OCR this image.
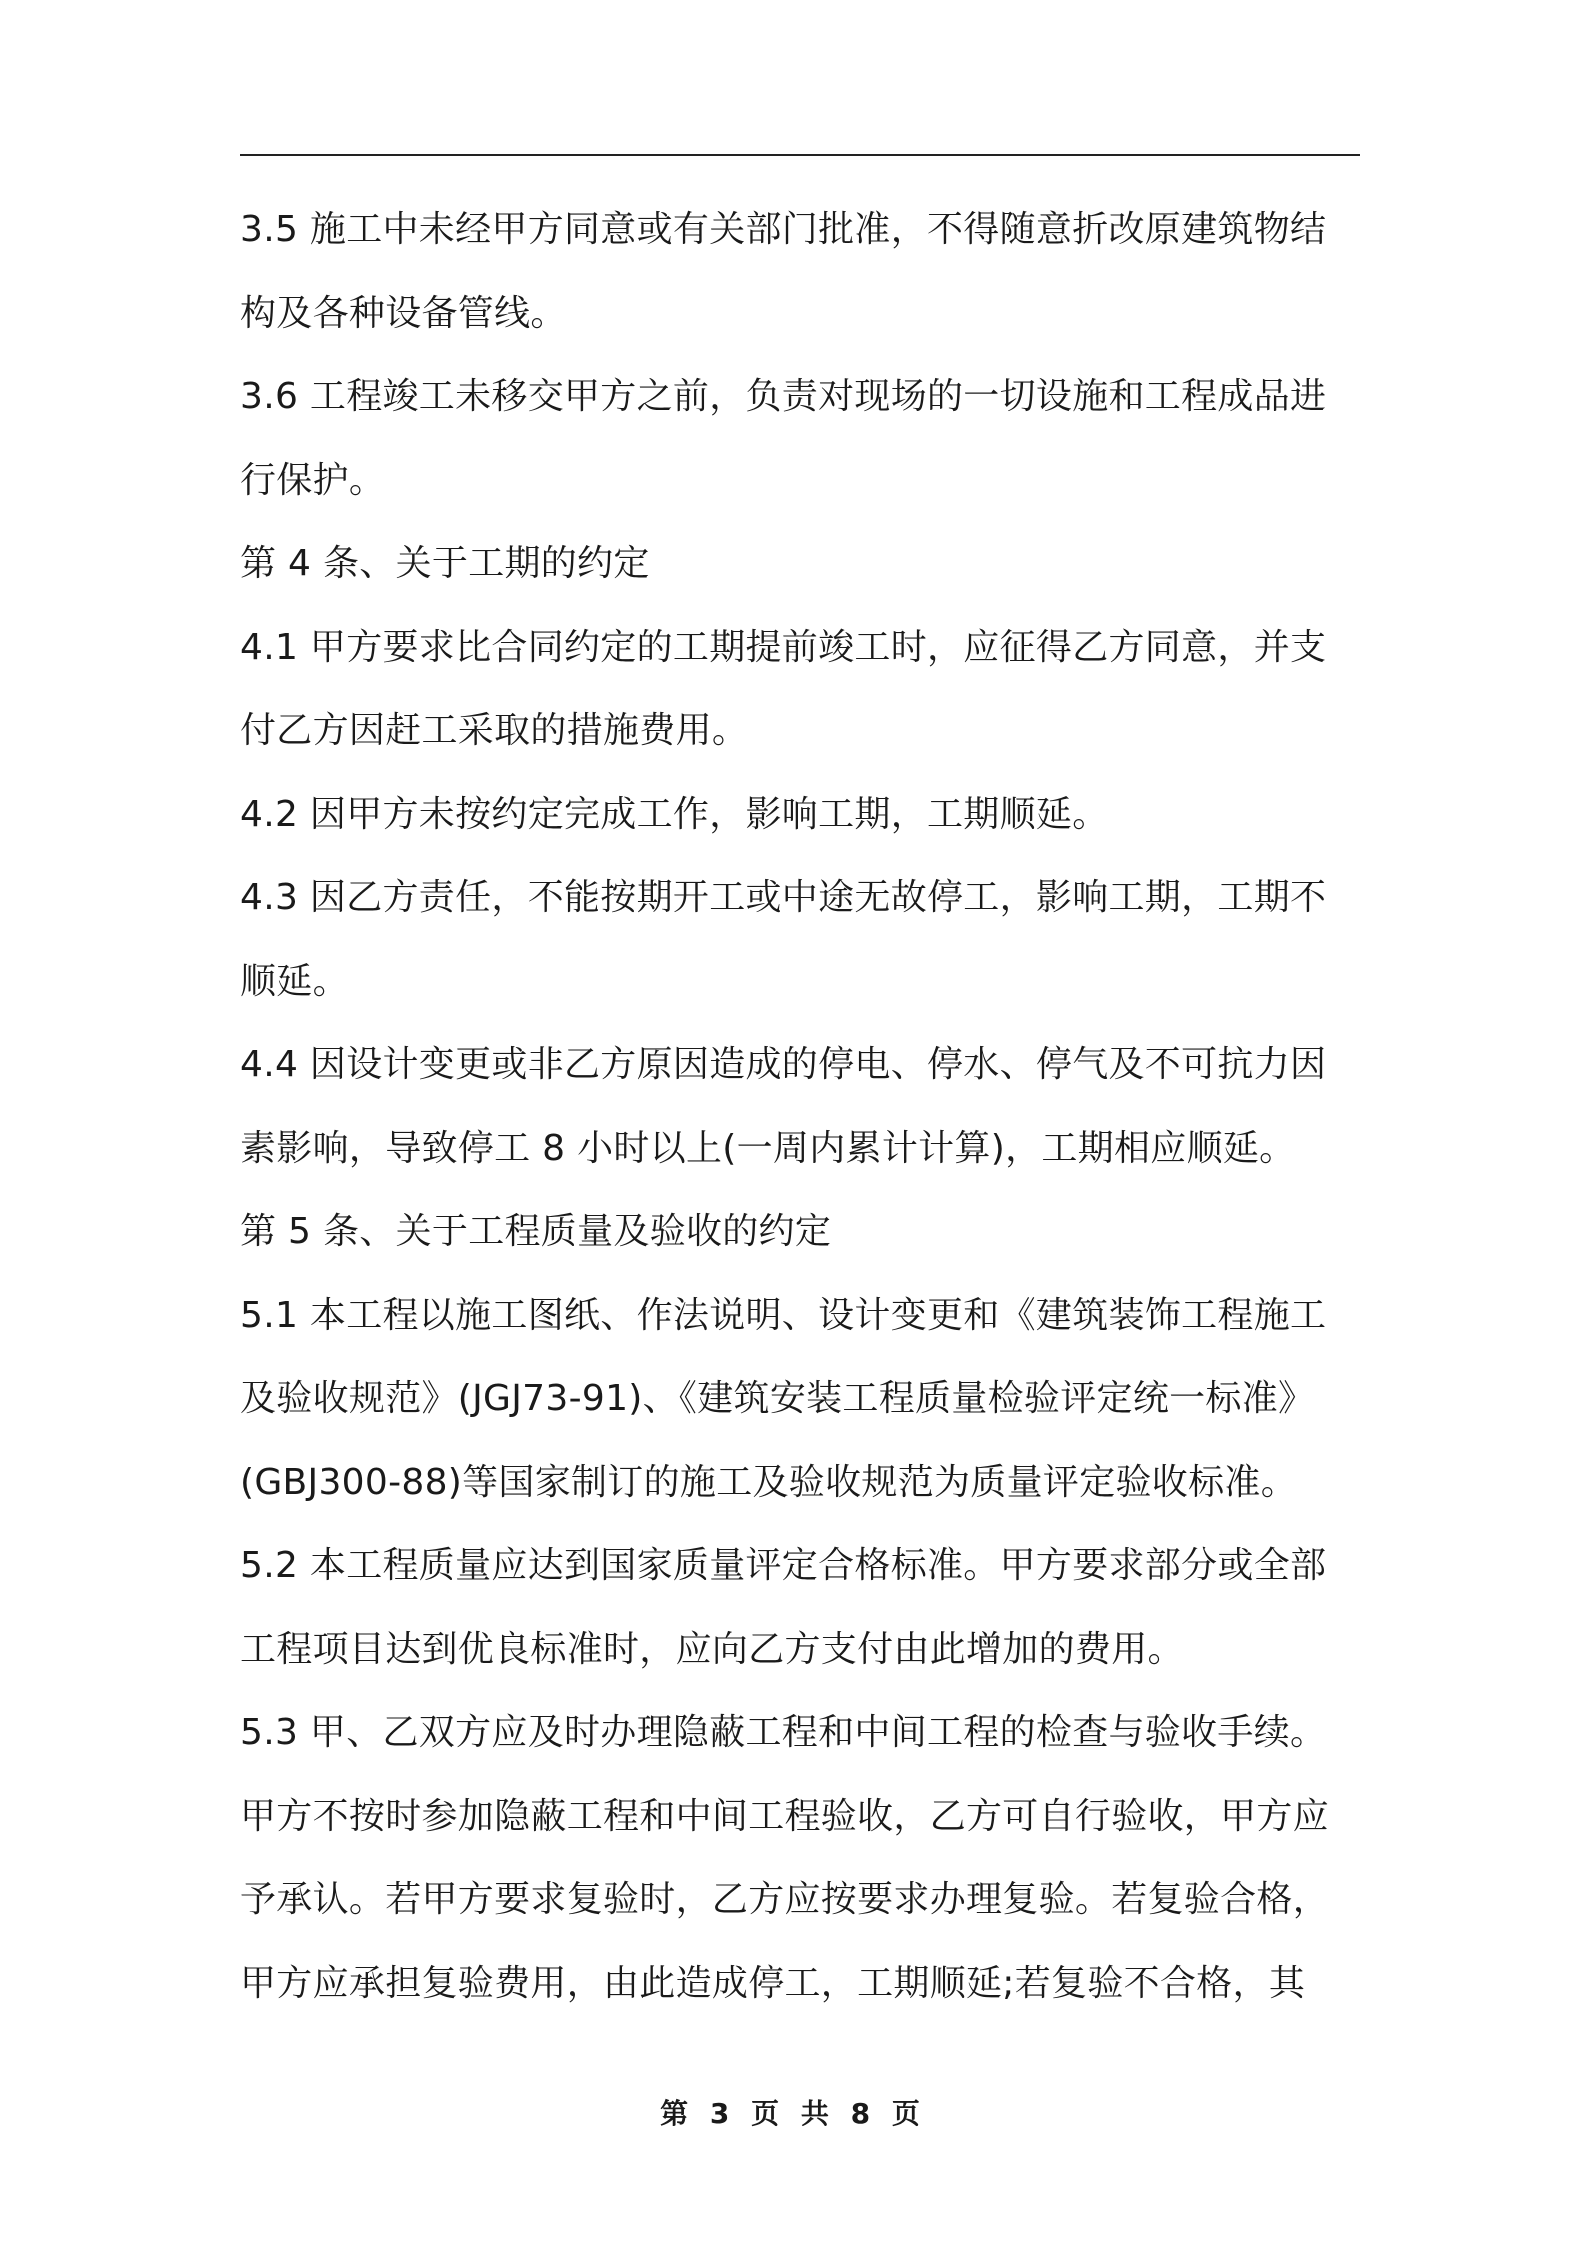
3.5 施工中未经甲方同意或有关部门批准，不得随意折改原建筑物结
构及各种设备管线。
3.6 工程竣工未移交甲方之前，负责对现场的一切设施和工程成品进
行保护。
第 4 条、关于工期的约定
4.1 甲方要求比合同约定的工期提前竣工时，应征得乙方同意，并支
付乙方因赶工采取的措施费用。
4.2 因甲方未按约定完成工作，影响工期，工期顺延。
4.3 因乙方责任，不能按期开工或中途无故停工，影响工期，工期不
顺延。
4.4 因设计变更或非乙方原因造成的停电、停水、停气及不可抗力因
素影响，导致停工 8 小时以上(一周内累计计算)，工期相应顺延。
第 5 条、关于工程质量及验收的约定
5.1 本工程以施工图纸、作法说明、设计变更和《建筑装饰工程施工
及验收规范》(JGJ73-91)、《建筑安装工程质量检验评定统一标准》
(GBJ300-88)等国家制订的施工及验收规范为质量评定验收标准。
5.2 本工程质量应达到国家质量评定合格标准。甲方要求部分或全部
工程项目达到优良标准时，应向乙方支付由此增加的费用。
5.3 甲、乙双方应及时办理隐蔽工程和中间工程的检查与验收手续。
甲方不按时参加隐蔽工程和中间工程验收，乙方可自行验收，甲方应
予承认。若甲方要求复验时，乙方应按要求办理复验。若复验合格，
甲方应承担复验费用，由此造成停工，工期顺延;若复验不合格，其
第 3 页 共 8 页
